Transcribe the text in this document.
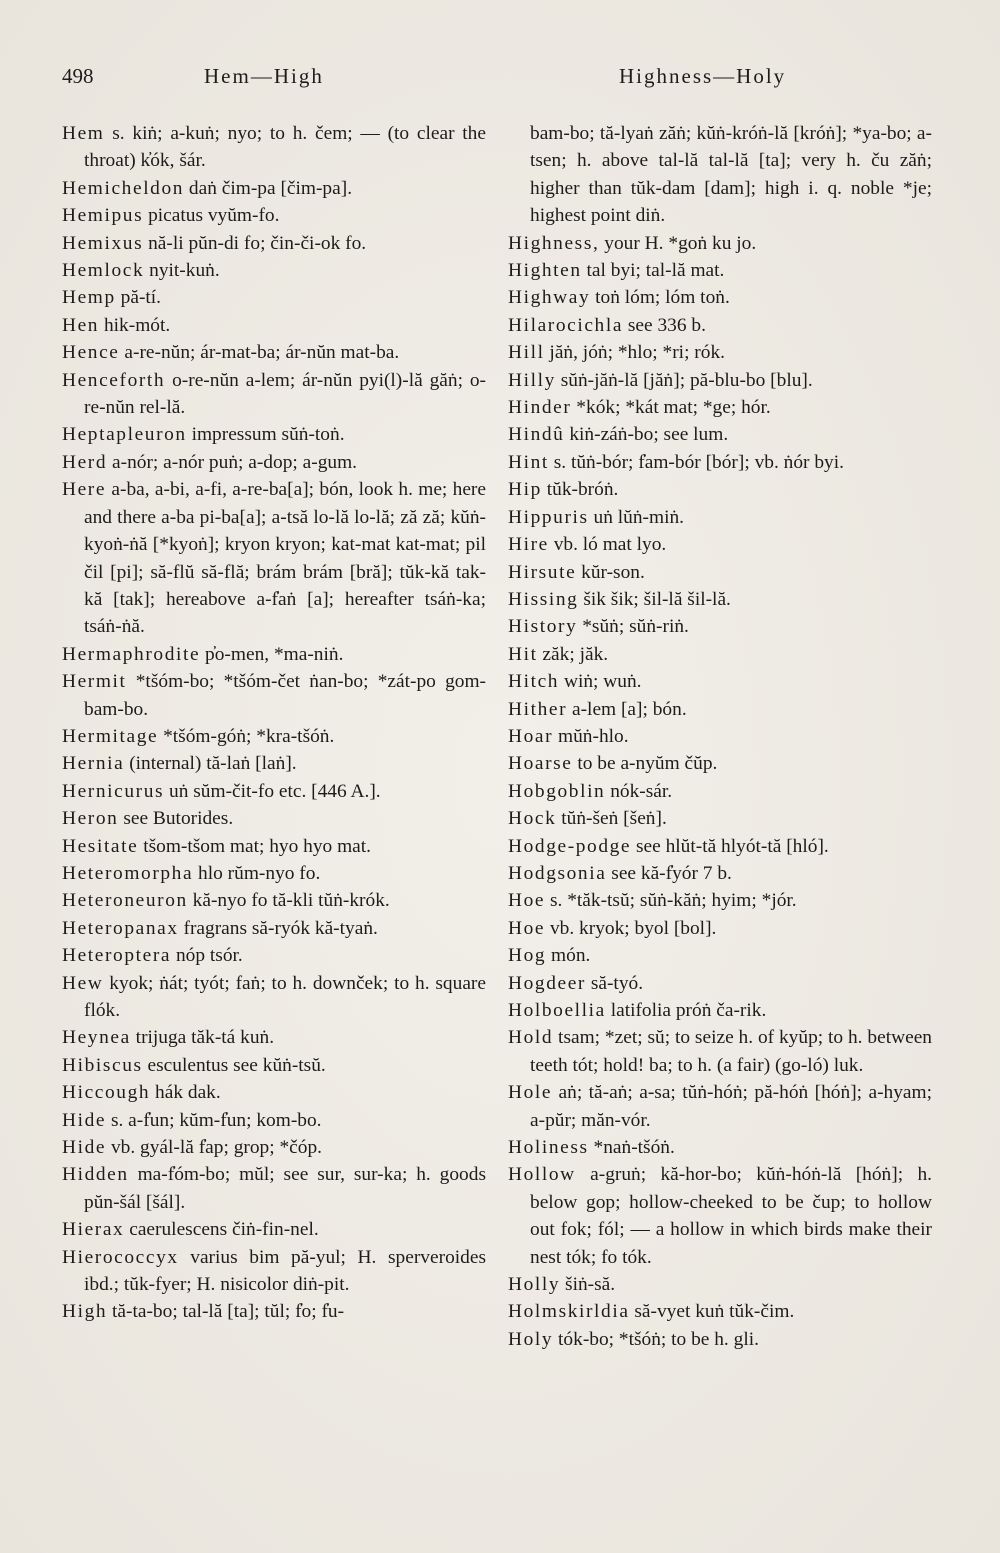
498	Hem—High	Highness—Holy
Hem s. kiṅ; a-kuṅ; nyo; to h. čem; — (to clear the throat) k̓ók, šár.
Hemicheldon daṅ čim-pa [čim-pa].
Hemipus picatus vyŭm-fo.
Hemixus nă-li pŭn-di fo; čin-či-ok fo.
Hemlock nyit-kuṅ.
Hemp pă-tí.
Hen hik-mót.
Hence a-re-nŭn; ár-mat-ba; ár-nŭn mat-ba.
Henceforth o-re-nŭn a-lem; ár-nŭn pyi(l)-lă găṅ; o-re-nŭn rel-lă.
Heptapleuron impressum sŭṅ-toṅ.
Herd a-nór; a-nór puṅ; a-dop; a-gum.
Here a-ba, a-bi, a-fi, a-re-ba[a]; bón, look h. me; here and there a-ba pi-ba[a]; a-tsă lo-lă lo-lă; ză ză; kŭṅ-kyoṅ-ṅă [*kyoṅ]; kryon kryon; kat-mat kat-mat; pil čil [pi]; să-flŭ să-flă; brám brám [bră]; tŭk-kă tak-kă [tak]; hereabove a-f̓aṅ [a]; hereafter tsáṅ-ka; tsáṅ-ṅă.
Hermaphrodite p̓o-men, *ma-niṅ.
Hermit *tšóm-bo; *tšóm-čet ṅan-bo; *zát-po gom-bam-bo.
Hermitage *tšóm-góṅ; *kra-tšóṅ.
Hernia (internal) tă-laṅ [laṅ].
Hernicurus uṅ sŭm-čit-fo etc. [446 A.].
Heron see Butorides.
Hesitate tšom-tšom mat; hyo hyo mat.
Heteromorpha hlo rŭm-nyo fo.
Heteroneuron kă-nyo fo tă-kli tŭṅ-krók.
Heteropanax fragrans să-ryók kă-tyaṅ.
Heteroptera nóp tsór.
Hew kyok; ṅát; tyót; faṅ; to h. downček; to h. square flók.
Heynea trijuga tăk-tá kuṅ.
Hibiscus esculentus see kŭṅ-tsŭ.
Hiccough hák dak.
Hide s. a-f̓un; kŭm-f̓un; kom-bo.
Hide vb. gyál-lă f̓ap; grop; *čóp.
Hidden ma-f̓óm-bo; mŭl; see sur, sur-ka; h. goods pŭn-šál [šál].
Hierax caerulescens čiṅ-fin-nel.
Hierococcyx varius bim pă-yul; H. sperveroides ibd.; tŭk-fyer; H. nisicolor diṅ-pit.
High tă-ta-bo; tal-lă [ta]; tŭl; f̓o; f̓u-
bam-bo; tă-lyaṅ zăṅ; kŭṅ-króṅ-lă [króṅ]; *ya-bo; a-tsen; h. above tal-lă tal-lă [ta]; very h. ču zăṅ; higher than tŭk-dam [dam]; high i. q. noble *je; highest point diṅ.
Highness, your H. *goṅ ku jo.
Highten tal byi; tal-lă mat.
Highway toṅ lóm; lóm toṅ.
Hilarocichla see 336 b.
Hill jăṅ, jóṅ; *hlo; *ri; rók.
Hilly sŭṅ-jăṅ-lă [jăṅ]; pă-blu-bo [blu].
Hinder *kók; *kát mat; *ge; hór.
Hindû kiṅ-záṅ-bo; see lum.
Hint s. tŭṅ-bór; f̓am-bór [bór]; vb. ṅór byi.
Hip tŭk-bróṅ.
Hippuris uṅ lŭṅ-miṅ.
Hire vb. ló mat lyo.
Hirsute kŭr-son.
Hissing šik šik; šil-lă šil-lă.
History *sŭṅ; sŭṅ-riṅ.
Hit zăk; jăk.
Hitch wiṅ; wuṅ.
Hither a-lem [a]; bón.
Hoar mŭṅ-hlo.
Hoarse to be a-nyŭm čŭp.
Hobgoblin nók-sár.
Hock tŭṅ-šeṅ [šeṅ].
Hodge-podge see hlŭt-tă hlyót-tă [hló].
Hodgsonia see kă-f̓yór 7 b.
Hoe s. *tăk-tsŭ; sŭṅ-kăṅ; hyim; *jór.
Hoe vb. kryok; byol [bol].
Hog món.
Hogdeer să-tyó.
Holboellia latifolia próṅ ča-rik.
Hold tsam; *zet; sŭ; to seize h. of kyŭp; to h. between teeth tót; hold! ba; to h. (a fair) (go-ló) luk.
Hole aṅ; tă-aṅ; a-sa; tŭṅ-hóṅ; pă-hóṅ [hóṅ]; a-hyam; a-pŭr; măn-vór.
Holiness *naṅ-tšóṅ.
Hollow a-gruṅ; kă-hor-bo; kŭṅ-hóṅ-lă [hóṅ]; h. below gop; hollow-cheeked to be čup; to hollow out fok; fól; — a hollow in which birds make their nest tók; fo tók.
Holly šiṅ-să.
Holmskirldia să-vyet kuṅ tŭk-čim.
Holy tók-bo; *tšóṅ; to be h. gli.
